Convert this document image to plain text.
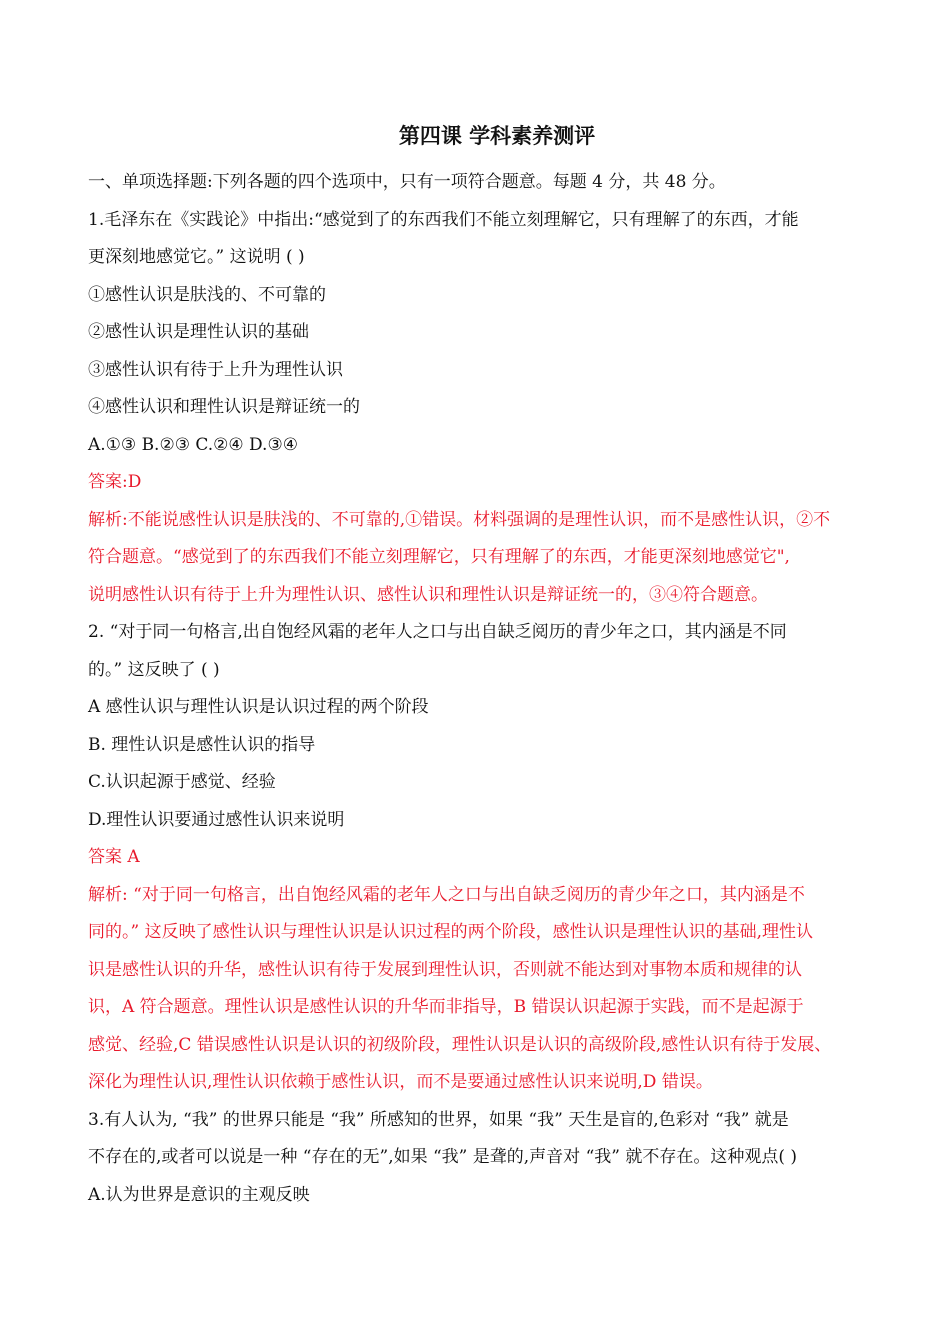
第四课 学科素养测评
一、单项选择题:下列各题的四个选项中，只有一项符合题意。每题 4 分，共 48 分。
1.毛泽东在《实践论》中指出:“感觉到了的东西我们不能立刻理解它，只有理解了的东西，才能
更深刻地感觉它。” 这说明 ( )
①感性认识是肤浅的、不可靠的
②感性认识是理性认识的基础
③感性认识有待于上升为理性认识
④感性认识和理性认识是辩证统一的
A.①③ B.②③ C.②④ D.③④
答案:D
解析:不能说感性认识是肤浅的、不可靠的,①错误。材料强调的是理性认识，而不是感性认识，②不
符合题意。“感觉到了的东西我们不能立刻理解它，只有理解了的东西，才能更深刻地感觉它",
说明感性认识有待于上升为理性认识、感性认识和理性认识是辩证统一的，③④符合题意。
2. “对于同一句格言,出自饱经风霜的老年人之口与出自缺乏阅历的青少年之口，其内涵是不同
的。” 这反映了 ( )
A 感性认识与理性认识是认识过程的两个阶段
B. 理性认识是感性认识的指导
C.认识起源于感觉、经验
D.理性认识要通过感性认识来说明
答案 A
解析: “对于同一句格言，出自饱经风霜的老年人之口与出自缺乏阅历的青少年之口，其内涵是不
同的。” 这反映了感性认识与理性认识是认识过程的两个阶段，感性认识是理性认识的基础,理性认
识是感性认识的升华，感性认识有待于发展到理性认识，否则就不能达到对事物本质和规律的认
识，A 符合题意。理性认识是感性认识的升华而非指导，B 错误认识起源于实践，而不是起源于
感觉、经验,C 错误感性认识是认识的初级阶段，理性认识是认识的高级阶段,感性认识有待于发展、
深化为理性认识,理性认识依赖于感性认识，而不是要通过感性认识来说明,D 错误。
3.有人认为, “我” 的世界只能是 “我” 所感知的世界，如果 “我” 天生是盲的,色彩对 “我” 就是
不存在的,或者可以说是一种 “存在的无”,如果 “我” 是聋的,声音对 “我” 就不存在。这种观点( )
A.认为世界是意识的主观反映
